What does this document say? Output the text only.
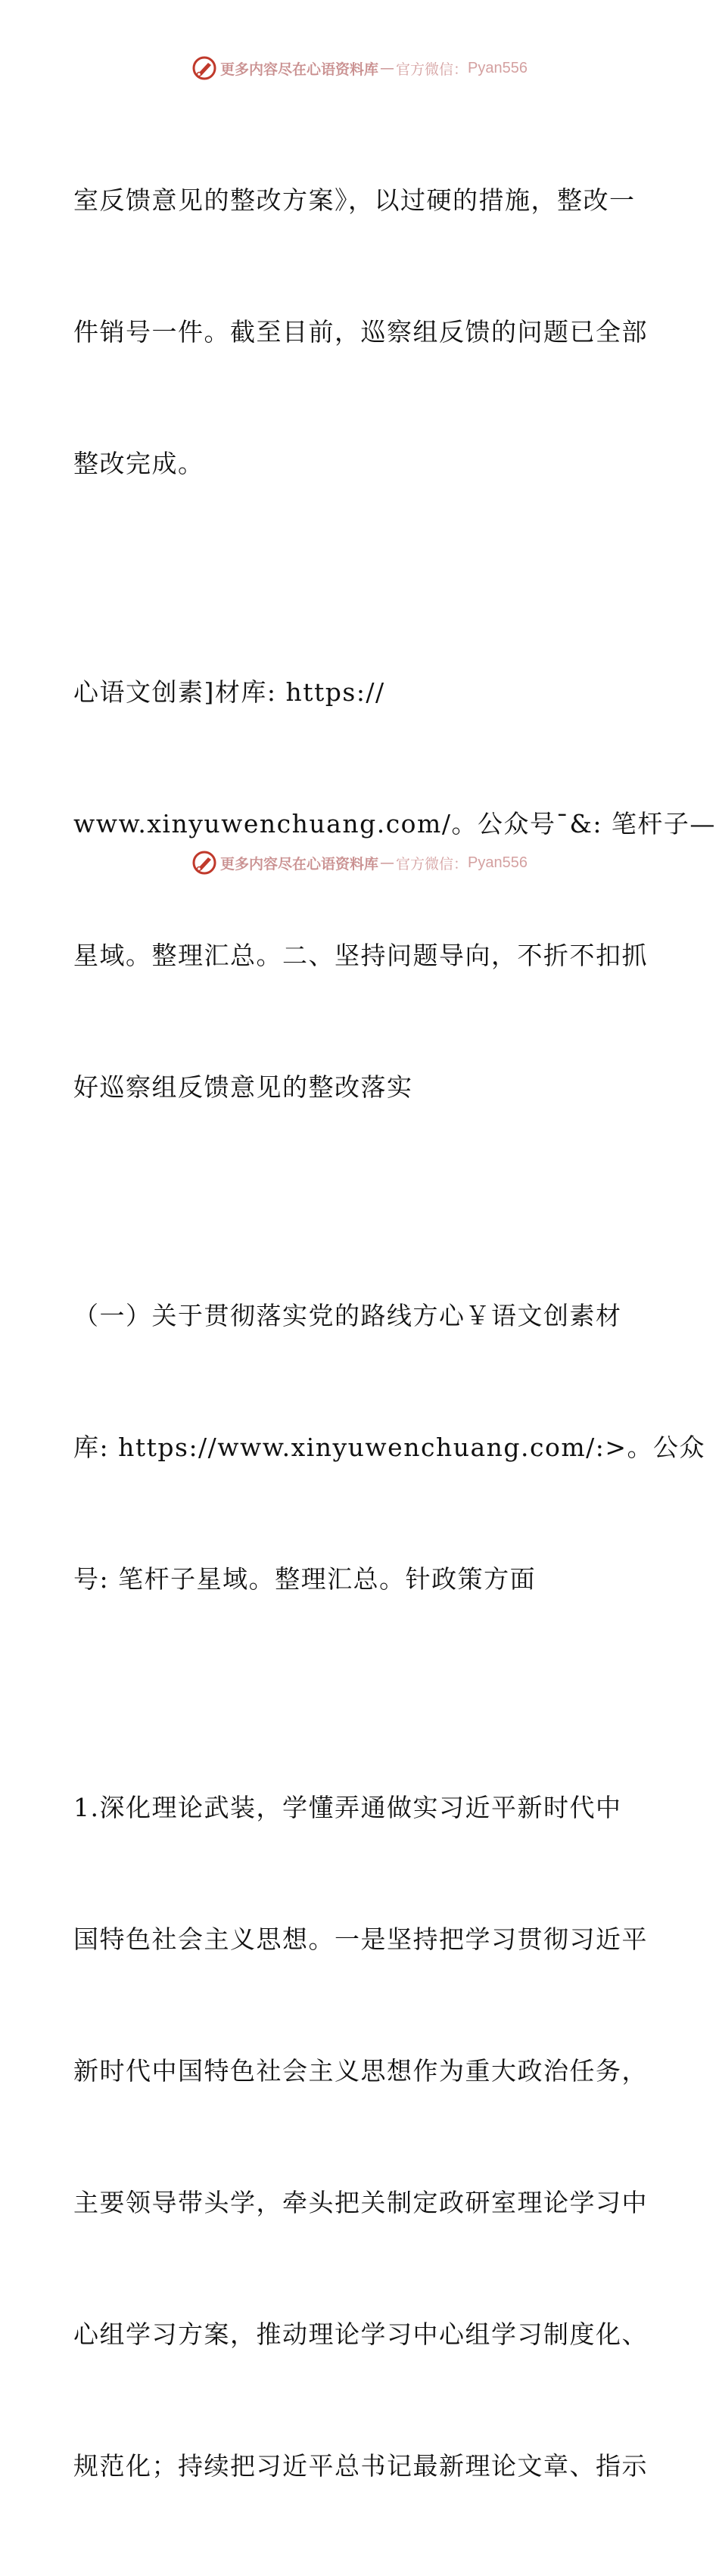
更多内容尽在心语资料库 — 官方微信： Pyan556

室反馈意见的整改方案》，以过硬的措施，整改一

件销号一件。截至目前，巡察组反馈的问题已全部

整改完成。

心语文创素]材库: https://

www.xinyuwenchuang.com/。公众号¯&: 笔杆子—

星域。整理汇总。二、坚持问题导向，不折不扣抓

好巡察组反馈意见的整改落实

（一）关于贯彻落实党的路线方心￥语文创素材

库: https://www.xinyuwenchuang.com/:>。公众

号: 笔杆子星域。整理汇总。针政策方面

1.深化理论武装，学懂弄通做实习近平新时代中

国特色社会主义思想。一是坚持把学习贯彻习近平

新时代中国特色社会主义思想作为重大政治任务，

主要领导带头学，牵头把关制定政研室理论学习中

心组学习方案，推动理论学习中心组学习制度化、

规范化；持续把习近平总书记最新理论文章、指示

更多内容尽在心语资料库 — 官方微信： Pyan556
